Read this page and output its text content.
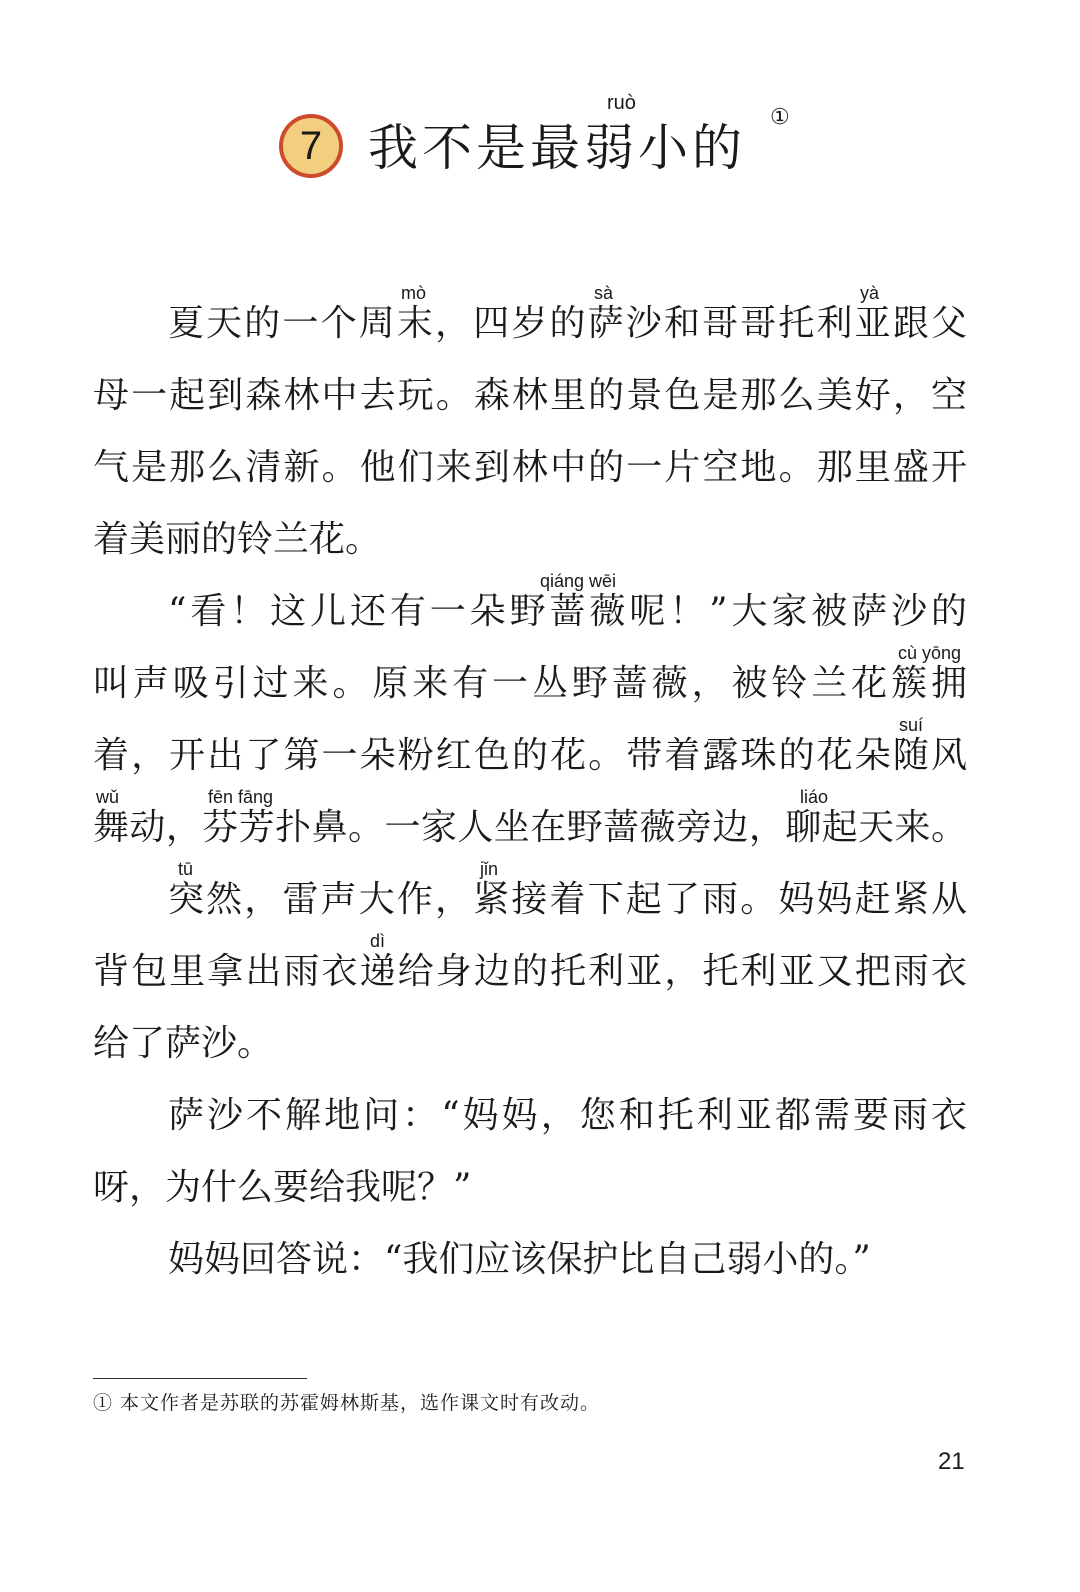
7 我不是最弱小的
ruò
①
mò	sà	yà
夏天的一个周末，四岁的萨沙和哥哥托利亚跟父
母一起到森林中去玩。森林里的景色是那么美好，空
气是那么清新。他们来到林中的一片空地。那里盛开
着美丽的铃兰花。
qiáng wēi
“看！这儿还有一朵野蔷薇呢！”大家被萨沙的
cù yōng
叫声吸引过来。原来有一丛野蔷薇，被铃兰花簇拥
suí
着，开出了第一朵粉红色的花。带着露珠的花朵随风
wǔ	fēn fāng	liáo
舞动，芬芳扑鼻。一家人坐在野蔷薇旁边，聊起天来。
tū	jǐn
突然，雷声大作，紧接着下起了雨。妈妈赶紧从
dì
背包里拿出雨衣递给身边的托利亚，托利亚又把雨衣
给了萨沙。
萨沙不解地问：“妈妈，您和托利亚都需要雨衣
呀，为什么要给我呢？”
妈妈回答说：“我们应该保护比自己弱小的。”
① 本文作者是苏联的苏霍姆林斯基，选作课文时有改动。
21
